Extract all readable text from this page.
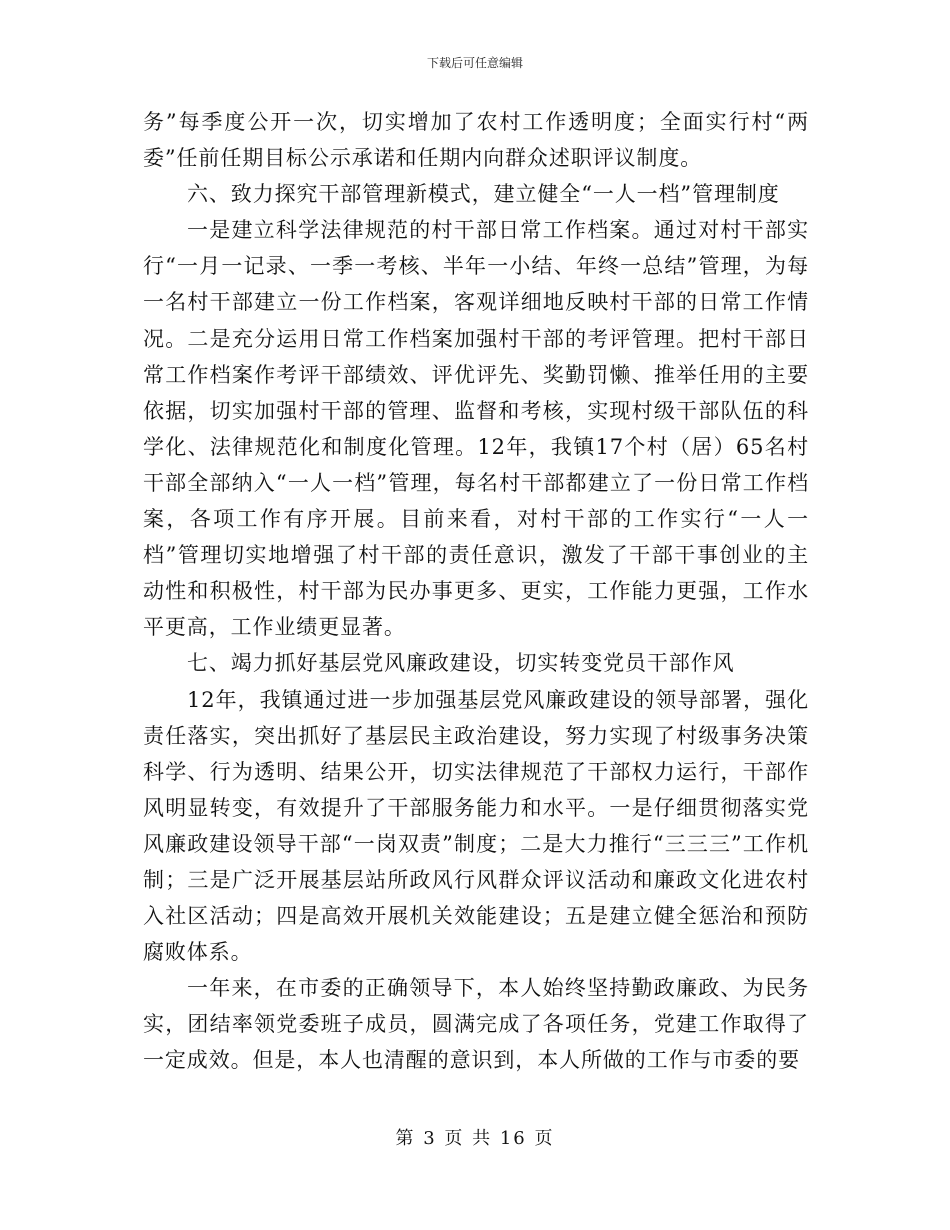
下载后可任意编辑

务”每季度公开一次，切实增加了农村工作透明度；全面实行村“两委”任前任期目标公示承诺和任期内向群众述职评议制度。

六、致力探究干部管理新模式，建立健全“一人一档”管理制度

一是建立科学法律规范的村干部日常工作档案。通过对村干部实行“一月一记录、一季一考核、半年一小结、年终一总结”管理，为每一名村干部建立一份工作档案，客观详细地反映村干部的日常工作情况。二是充分运用日常工作档案加强村干部的考评管理。把村干部日常工作档案作考评干部绩效、评优评先、奖勤罚懒、推举任用的主要依据，切实加强村干部的管理、监督和考核，实现村级干部队伍的科学化、法律规范化和制度化管理。12年，我镇17个村（居）65名村干部全部纳入“一人一档”管理，每名村干部都建立了一份日常工作档案，各项工作有序开展。目前来看，对村干部的工作实行“一人一档”管理切实地增强了村干部的责任意识，激发了干部干事创业的主动性和积极性，村干部为民办事更多、更实，工作能力更强，工作水平更高，工作业绩更显著。

七、竭力抓好基层党风廉政建设，切实转变党员干部作风

12年，我镇通过进一步加强基层党风廉政建设的领导部署，强化责任落实，突出抓好了基层民主政治建设，努力实现了村级事务决策科学、行为透明、结果公开，切实法律规范了干部权力运行，干部作风明显转变，有效提升了干部服务能力和水平。一是仔细贯彻落实党风廉政建设领导干部“一岗双责”制度；二是大力推行“三三三”工作机制；三是广泛开展基层站所政风行风群众评议活动和廉政文化进农村入社区活动；四是高效开展机关效能建设；五是建立健全惩治和预防腐败体系。

一年来，在市委的正确领导下，本人始终坚持勤政廉政、为民务实，团结率领党委班子成员，圆满完成了各项任务，党建工作取得了一定成效。但是，本人也清醒的意识到，本人所做的工作与市委的要

第 3 页 共 16 页
